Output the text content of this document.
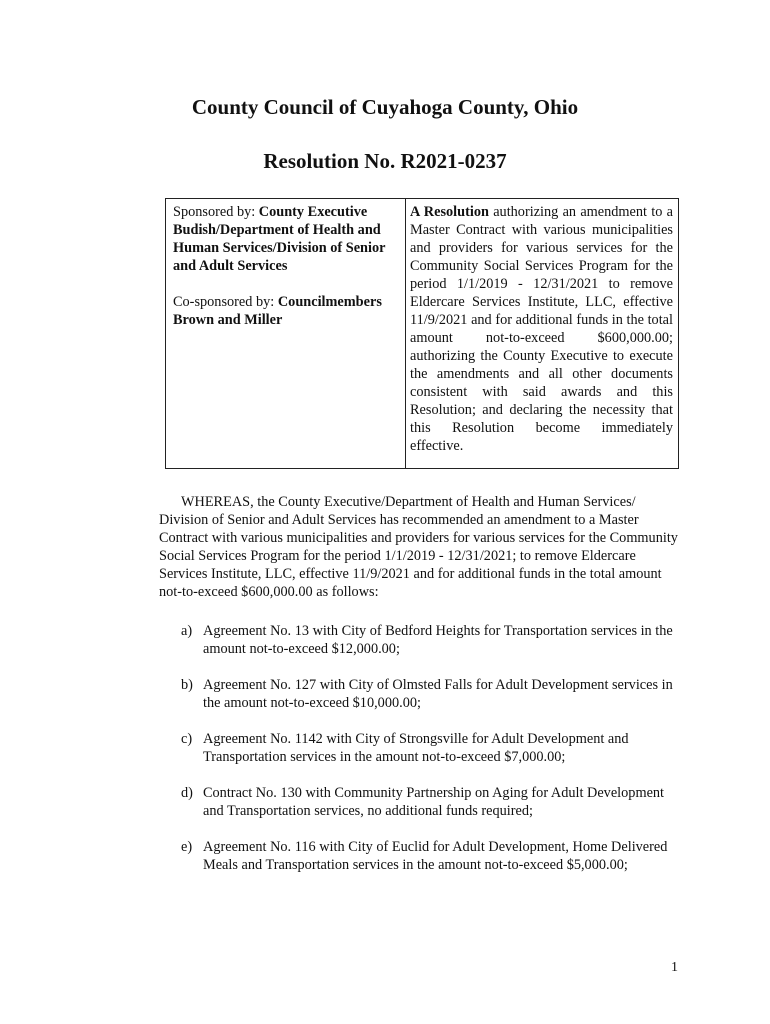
County Council of Cuyahoga County, Ohio
Resolution No. R2021-0237
Sponsored by: County Executive Budish/Department of Health and Human Services/Division of Senior and Adult Services
Co-sponsored by: Councilmembers Brown and Miller
A Resolution authorizing an amendment to a Master Contract with various municipalities and providers for various services for the Community Social Services Program for the period 1/1/2019 - 12/31/2021 to remove Eldercare Services Institute, LLC, effective 11/9/2021 and for additional funds in the total amount not-to-exceed $600,000.00; authorizing the County Executive to execute the amendments and all other documents consistent with said awards and this Resolution; and declaring the necessity that this Resolution become immediately effective.

WHEREAS, the County Executive/Department of Health and Human Services/ Division of Senior and Adult Services has recommended an amendment to a Master Contract with various municipalities and providers for various services for the Community Social Services Program for the period 1/1/2019 - 12/31/2021; to remove Eldercare Services Institute, LLC, effective 11/9/2021 and for additional funds in the total amount not-to-exceed $600,000.00 as follows:

a) Agreement No. 13 with City of Bedford Heights for Transportation services in the amount not-to-exceed $12,000.00;
b) Agreement No. 127 with City of Olmsted Falls for Adult Development services in the amount not-to-exceed $10,000.00;
c) Agreement No. 1142 with City of Strongsville for Adult Development and Transportation services in the amount not-to-exceed $7,000.00;
d) Contract No. 130 with Community Partnership on Aging for Adult Development and Transportation services, no additional funds required;
e) Agreement No. 116 with City of Euclid for Adult Development, Home Delivered Meals and Transportation services in the amount not-to-exceed $5,000.00;
1
